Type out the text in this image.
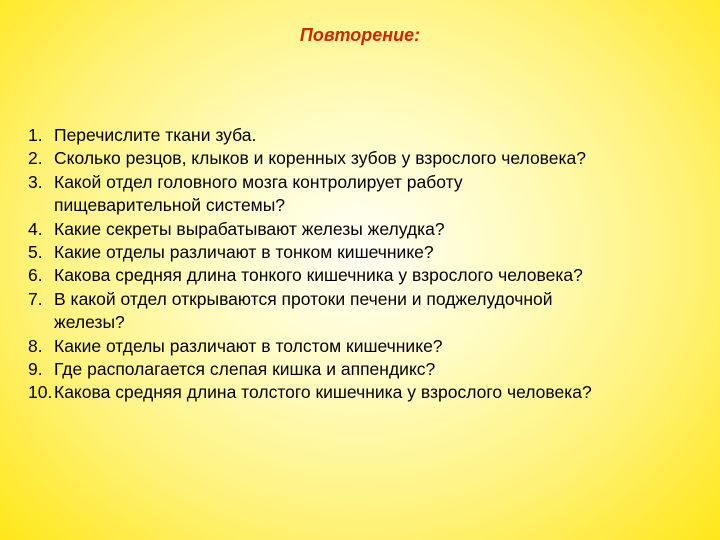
Повторение:
1. Перечислите ткани зуба.
2. Сколько резцов, клыков и коренных зубов у взрослого человека?
3. Какой отдел головного мозга контролирует работу пищеварительной системы?
4. Какие секреты вырабатывают железы желудка?
5. Какие отделы различают в тонком кишечнике?
6. Какова средняя длина тонкого кишечника у взрослого человека?
7. В какой отдел открываются протоки печени и поджелудочной железы?
8. Какие отделы различают в толстом кишечнике?
9. Где располагается слепая кишка и аппендикс?
10. Какова средняя длина толстого кишечника у взрослого человека?
